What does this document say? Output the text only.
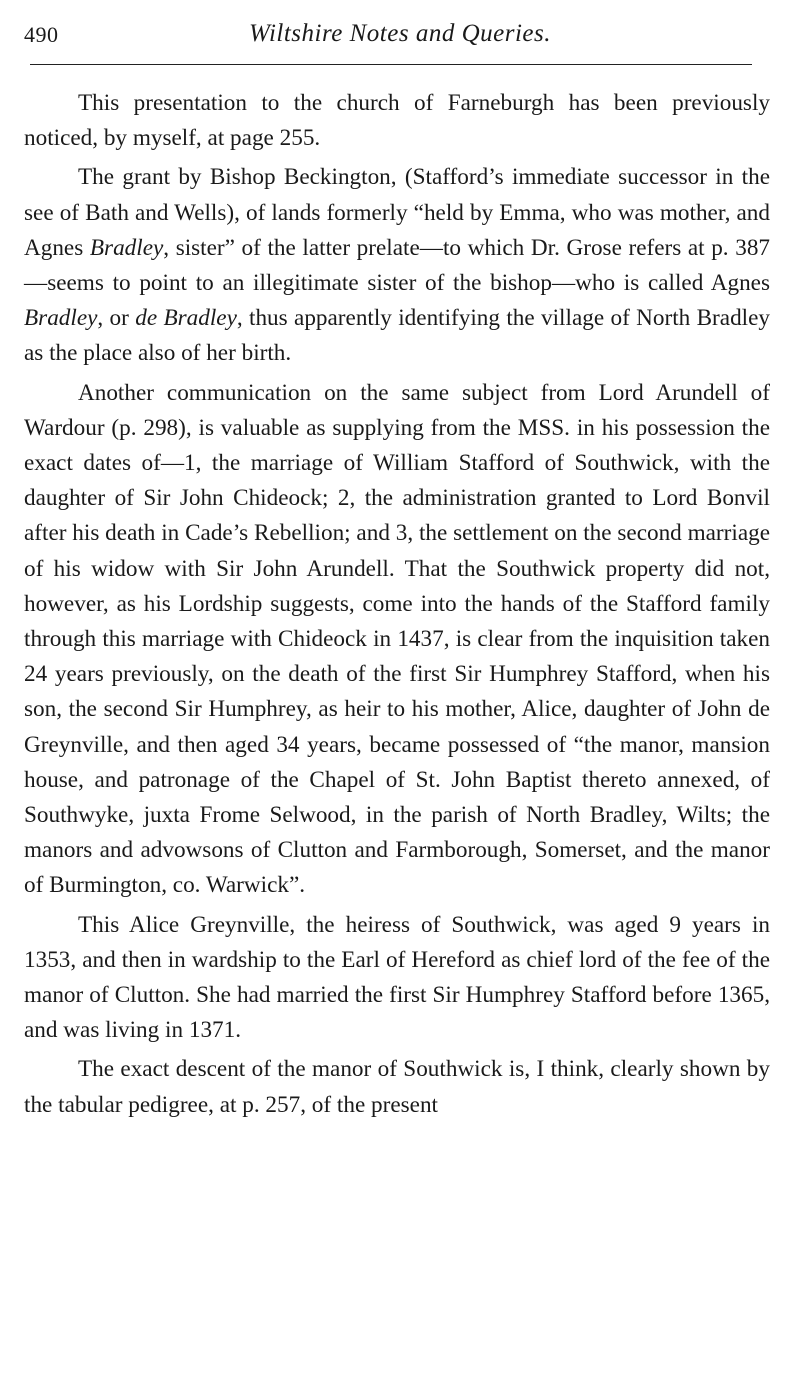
490	Wiltshire Notes and Queries.

This presentation to the church of Farneburgh has been previously noticed, by myself, at page 255.

The grant by Bishop Beckington, (Stafford’s immediate successor in the see of Bath and Wells), of lands formerly “held by Emma, who was mother, and Agnes Bradley, sister” of the latter prelate—to which Dr. Grose refers at p. 387—seems to point to an illegitimate sister of the bishop—who is called Agnes Bradley, or de Bradley, thus apparently identifying the village of North Bradley as the place also of her birth.

Another communication on the same subject from Lord Arundell of Wardour (p. 298), is valuable as supplying from the MSS. in his possession the exact dates of—1, the marriage of William Stafford of Southwick, with the daughter of Sir John Chideock; 2, the administration granted to Lord Bonvil after his death in Cade’s Rebellion; and 3, the settlement on the second marriage of his widow with Sir John Arundell. That the Southwick property did not, however, as his Lordship suggests, come into the hands of the Stafford family through this marriage with Chideock in 1437, is clear from the inquisition taken 24 years previously, on the death of the first Sir Humphrey Stafford, when his son, the second Sir Humphrey, as heir to his mother, Alice, daughter of John de Greynville, and then aged 34 years, became possessed of “the manor, mansion house, and patronage of the Chapel of St. John Baptist thereto annexed, of Southwyke, juxta Frome Selwood, in the parish of North Bradley, Wilts; the manors and advowsons of Clutton and Farmborough, Somerset, and the manor of Burmington, co. Warwick”.

This Alice Greynville, the heiress of Southwick, was aged 9 years in 1353, and then in wardship to the Earl of Hereford as chief lord of the fee of the manor of Clutton. She had married the first Sir Humphrey Stafford before 1365, and was living in 1371.

The exact descent of the manor of Southwick is, I think, clearly shown by the tabular pedigree, at p. 257, of the present
